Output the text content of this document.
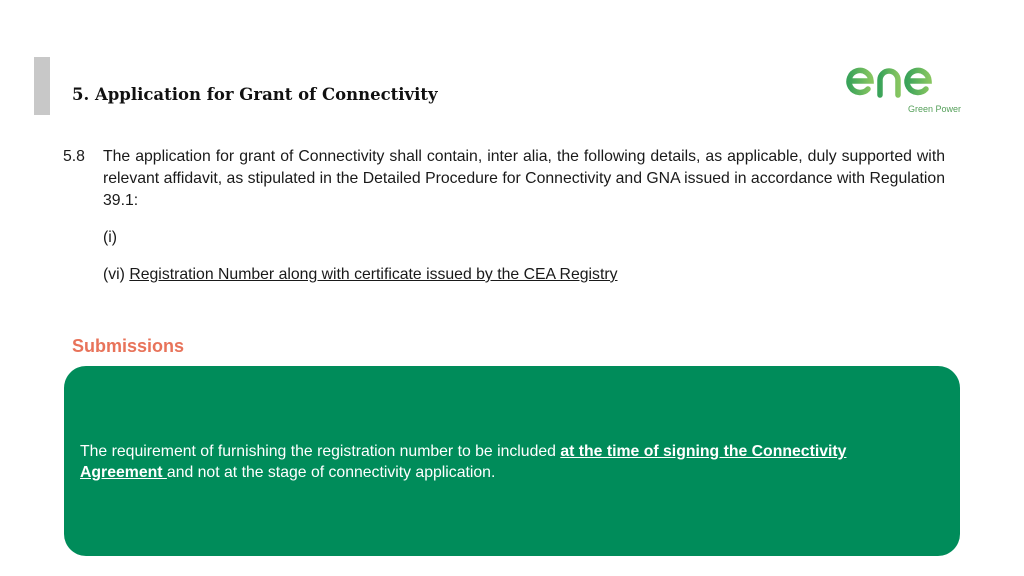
5. Application for Grant of Connectivity
Green Power
5.8 The application for grant of Connectivity shall contain, inter alia, the following details, as applicable, duly supported with relevant affidavit, as stipulated in the Detailed Procedure for Connectivity and GNA issued in accordance with Regulation 39.1:
(i)
(vi) Registration Number along with certificate issued by the CEA Registry
Submissions
The requirement of furnishing the registration number to be included at the time of signing the Connectivity Agreement and not at the stage of connectivity application.
